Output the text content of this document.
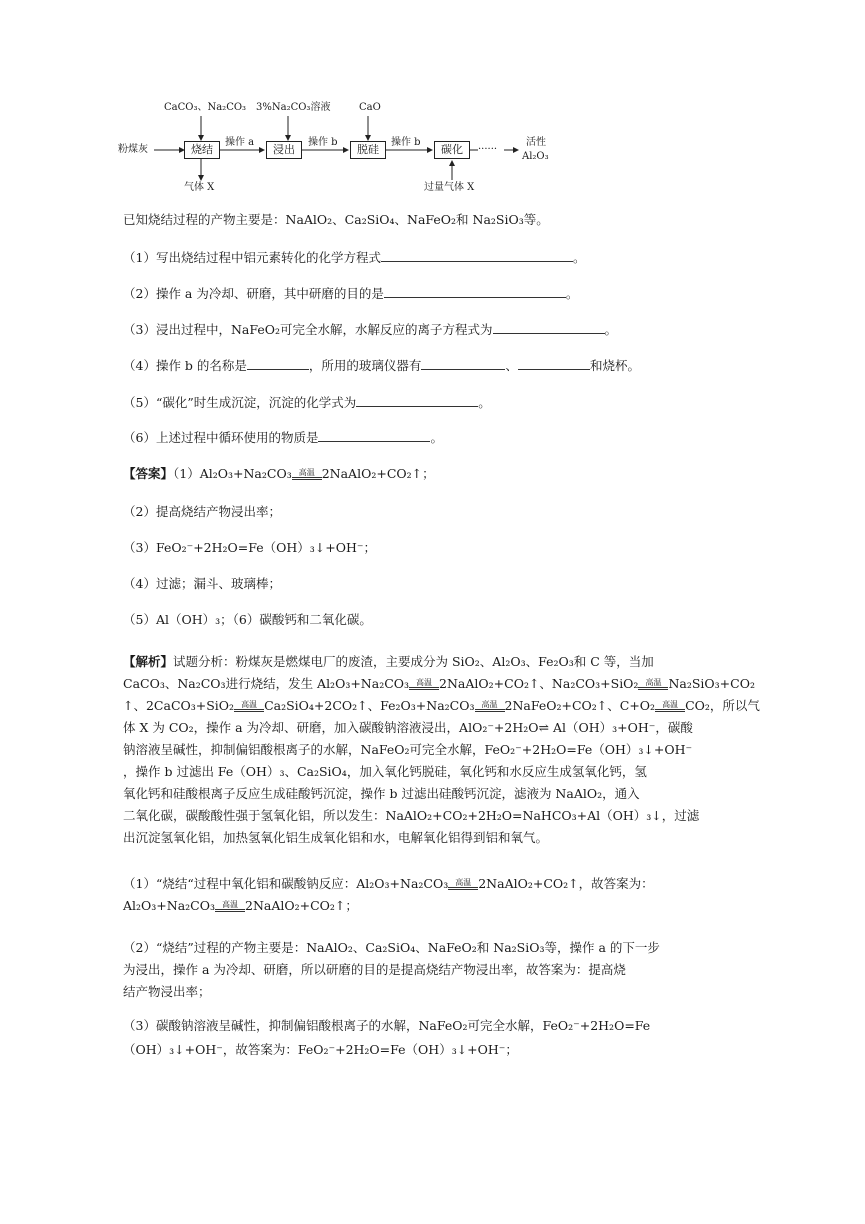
粉煤灰
CaCO₃、Na₂CO₃ 3%Na₂CO₃溶液	CaO
烧结	浸出	脱硅	碳化
操作 a	操作 b	操作 b
······
活性
Al₂O₃
气体 X	过量气体 X
已知烧结过程的产物主要是：NaAlO₂、Ca₂SiO₄、NaFeO₂和 Na₂SiO₃等。
（1）写出烧结过程中铝元素转化的化学方程式	。
（2）操作 a 为冷却、研磨，其中研磨的目的是	。
（3）浸出过程中，NaFeO₂可完全水解，水解反应的离子方程式为	。
（4）操作 b 的名称是	，所用的玻璃仪器有	、	和烧杯。
（5）“碳化”时生成沉淀，沉淀的化学式为	。
（6）上述过程中循环使用的物质是	。
【答案】（1）Al₂O₃+Na₂CO₃ 高温 2NaAlO₂+CO₂↑；
（2）提高烧结产物浸出率；
（3）FeO₂⁻+2H₂O=Fe（OH）₃↓+OH⁻；
（4）过滤；漏斗、玻璃棒；
（5）Al（OH）₃；（6）碳酸钙和二氧化碳。
【解析】试题分析：粉煤灰是燃煤电厂的废渣，主要成分为 SiO₂、Al₂O₃、Fe₂O₃和 C 等，当加
CaCO₃、Na₂CO₃进行烧结，发生 Al₂O₃+Na₂CO₃ 高温 2NaAlO₂+CO₂↑、Na₂CO₃+SiO₂ 高温 Na₂SiO₃+CO₂
↑、2CaCO₃+SiO₂ 高温 Ca₂SiO₄+2CO₂↑、Fe₂O₃+Na₂CO₃ 高温 2NaFeO₂+CO₂↑、C+O₂ 高温 CO₂，所以气
体 X 为 CO₂，操作 a 为冷却、研磨，加入碳酸钠溶液浸出，AlO₂⁻+2H₂O⇌ Al（OH）₃+OH⁻，碳酸
钠溶液呈碱性，抑制偏铝酸根离子的水解，NaFeO₂可完全水解，FeO₂⁻+2H₂O=Fe（OH）₃↓+OH⁻
，操作 b 过滤出 Fe（OH）₃、Ca₂SiO₄，加入氧化钙脱硅，氧化钙和水反应生成氢氧化钙，氢
氧化钙和硅酸根离子反应生成硅酸钙沉淀，操作 b 过滤出硅酸钙沉淀，滤液为 NaAlO₂，通入
二氧化碳，碳酸酸性强于氢氧化铝，所以发生：NaAlO₂+CO₂+2H₂O=NaHCO₃+Al（OH）₃↓，过滤
出沉淀氢氧化铝，加热氢氧化铝生成氧化铝和水，电解氧化铝得到铝和氧气。
（1）“烧结“过程中氧化铝和碳酸钠反应：Al₂O₃+Na₂CO₃ 高温 2NaAlO₂+CO₂↑，故答案为：
Al₂O₃+Na₂CO₃ 高温 2NaAlO₂+CO₂↑；
（2）“烧结”过程的产物主要是：NaAlO₂、Ca₂SiO₄、NaFeO₂和 Na₂SiO₃等，操作 a 的下一步
为浸出，操作 a 为冷却、研磨，所以研磨的目的是提高烧结产物浸出率，故答案为：提高烧
结产物浸出率；
（3）碳酸钠溶液呈碱性，抑制偏铝酸根离子的水解，NaFeO₂可完全水解，FeO₂⁻+2H₂O=Fe
（OH）₃↓+OH⁻，故答案为：FeO₂⁻+2H₂O=Fe（OH）₃↓+OH⁻；
